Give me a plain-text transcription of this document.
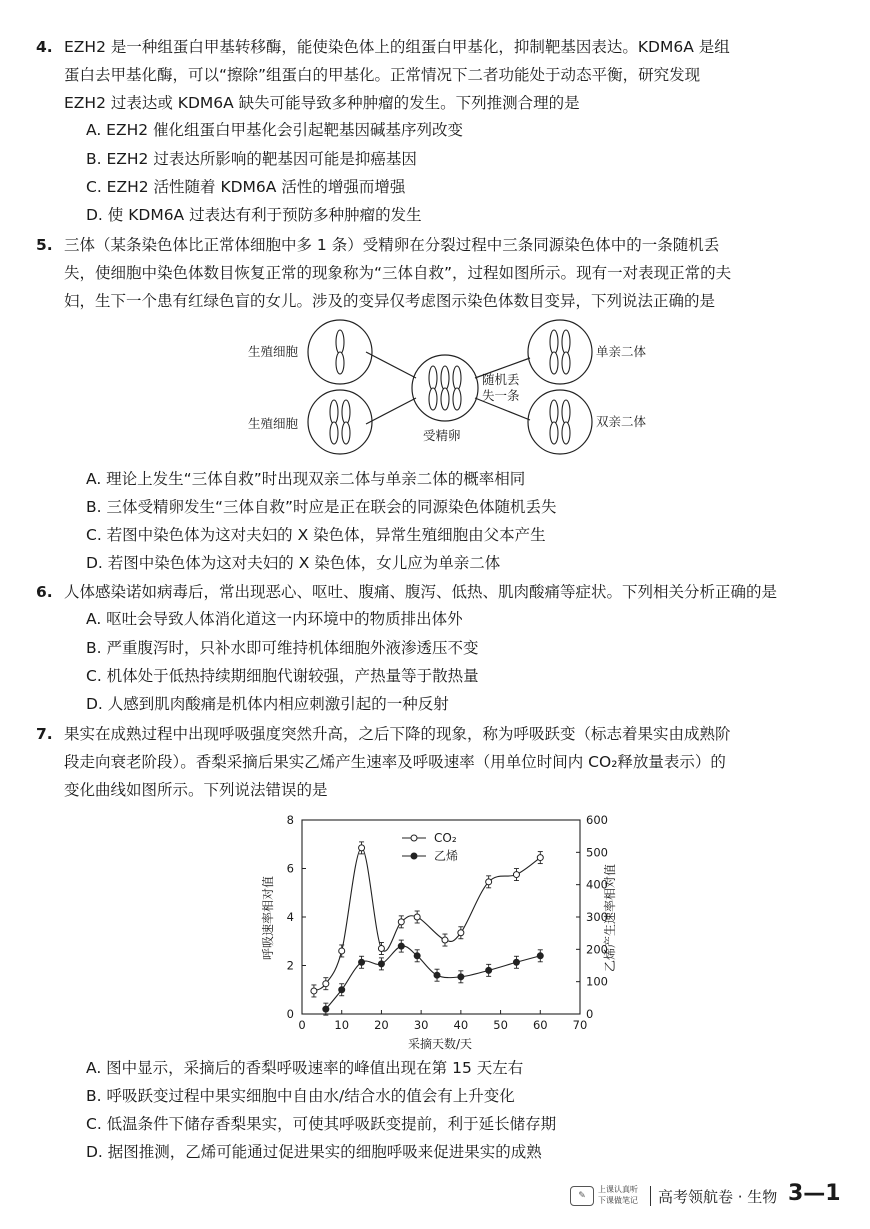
4. EZH2 是一种组蛋白甲基转移酶，能使染色体上的组蛋白甲基化，抑制靶基因表达。KDM6A 是组
蛋白去甲基化酶，可以“擦除”组蛋白的甲基化。正常情况下二者功能处于动态平衡，研究发现
EZH2 过表达或 KDM6A 缺失可能导致多种肿瘤的发生。下列推测合理的是
A. EZH2 催化组蛋白甲基化会引起靶基因碱基序列改变
B. EZH2 过表达所影响的靶基因可能是抑癌基因
C. EZH2 活性随着 KDM6A 活性的增强而增强
D. 使 KDM6A 过表达有利于预防多种肿瘤的发生
5. 三体（某条染色体比正常体细胞中多 1 条）受精卵在分裂过程中三条同源染色体中的一条随机丢
失，使细胞中染色体数目恢复正常的现象称为“三体自救”，过程如图所示。现有一对表现正常的夫
妇，生下一个患有红绿色盲的女儿。涉及的变异仅考虑图示染色体数目变异，下列说法正确的是
生殖细胞
生殖细胞
受精卵
随机丢
失一条
单亲二体
双亲二体
A. 理论上发生“三体自救”时出现双亲二体与单亲二体的概率相同
B. 三体受精卵发生“三体自救”时应是正在联会的同源染色体随机丢失
C. 若图中染色体为这对夫妇的 X 染色体，异常生殖细胞由父本产生
D. 若图中染色体为这对夫妇的 X 染色体，女儿应为单亲二体
6. 人体感染诺如病毒后，常出现恶心、呕吐、腹痛、腹泻、低热、肌肉酸痛等症状。下列相关分析正确的是
A. 呕吐会导致人体消化道这一内环境中的物质排出体外
B. 严重腹泻时，只补水即可维持机体细胞外液渗透压不变
C. 机体处于低热持续期细胞代谢较强，产热量等于散热量
D. 人感到肌肉酸痛是机体内相应刺激引起的一种反射
7. 果实在成熟过程中出现呼吸强度突然升高，之后下降的现象，称为呼吸跃变（标志着果实由成熟阶
段走向衰老阶段）。香梨采摘后果实乙烯产生速率及呼吸速率（用单位时间内 CO₂释放量表示）的
变化曲线如图所示。下列说法错误的是
0 10 20 30 40 50 60 70
0
2
4
6
8
0
100
200
300
400
500
600
CO₂
乙烯
采摘天数/天
呼吸速率相对值	乙烯产生速率相对值
A. 图中显示，采摘后的香梨呼吸速率的峰值出现在第 15 天左右
B. 呼吸跃变过程中果实细胞中自由水/结合水的值会有上升变化
C. 低温条件下储存香梨果实，可使其呼吸跃变提前，利于延长储存期
D. 据图推测，乙烯可能通过促进果实的细胞呼吸来促进果实的成熟
✎
上课认真听
下课做笔记 高考领航卷 · 生物 3—1
